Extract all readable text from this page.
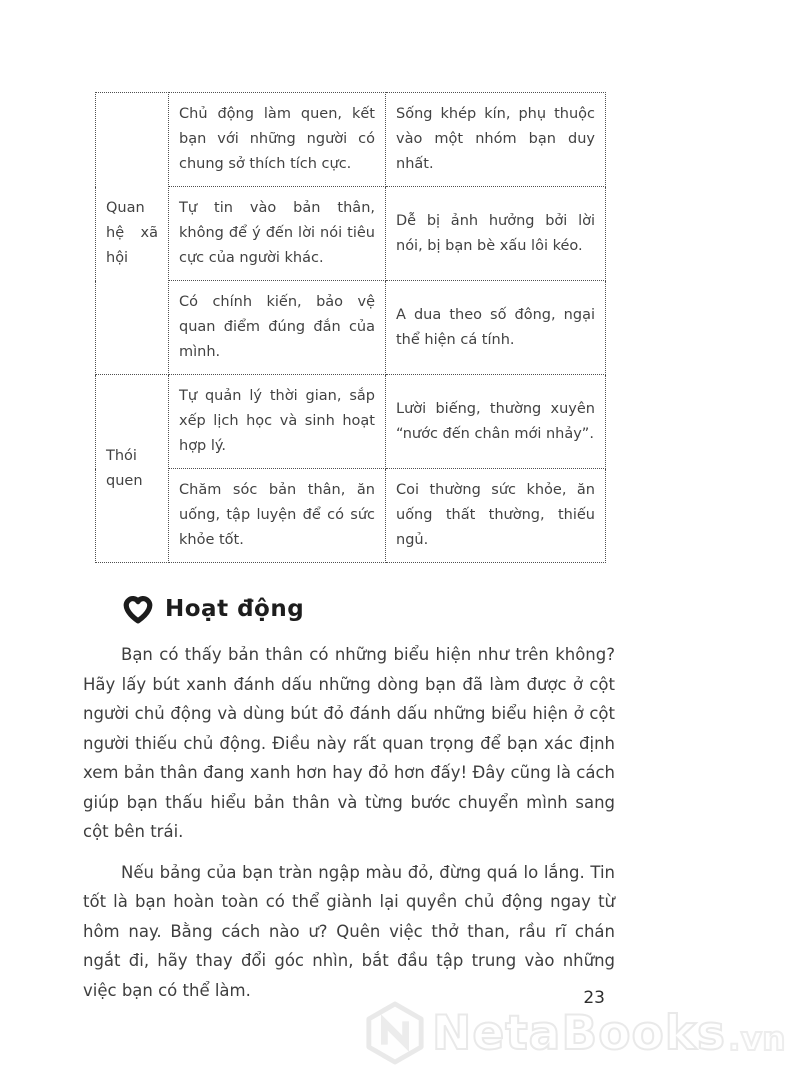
Quan hệ xã hội	Chủ động làm quen, kết bạn với những người có chung sở thích tích cực.	Sống khép kín, phụ thuộc vào một nhóm bạn duy nhất.
	Tự tin vào bản thân, không để ý đến lời nói tiêu cực của người khác.	Dễ bị ảnh hưởng bởi lời nói, bị bạn bè xấu lôi kéo.
	Có chính kiến, bảo vệ quan điểm đúng đắn của mình.	A dua theo số đông, ngại thể hiện cá tính.
Thói quen	Tự quản lý thời gian, sắp xếp lịch học và sinh hoạt hợp lý.	Lười biếng, thường xuyên “nước đến chân mới nhảy”.
	Chăm sóc bản thân, ăn uống, tập luyện để có sức khỏe tốt.	Coi thường sức khỏe, ăn uống thất thường, thiếu ngủ.
Hoạt động

Bạn có thấy bản thân có những biểu hiện như trên không? Hãy lấy bút xanh đánh dấu những dòng bạn đã làm được ở cột người chủ động và dùng bút đỏ đánh dấu những biểu hiện ở cột người thiếu chủ động. Điều này rất quan trọng để bạn xác định xem bản thân đang xanh hơn hay đỏ hơn đấy! Đây cũng là cách giúp bạn thấu hiểu bản thân và từng bước chuyển mình sang cột bên trái.

Nếu bảng của bạn tràn ngập màu đỏ, đừng quá lo lắng. Tin tốt là bạn hoàn toàn có thể giành lại quyền chủ động ngay từ hôm nay. Bằng cách nào ư? Quên việc thở than, rầu rĩ chán ngắt đi, hãy thay đổi góc nhìn, bắt đầu tập trung vào những việc bạn có thể làm.	23
NetaBooks .vn
